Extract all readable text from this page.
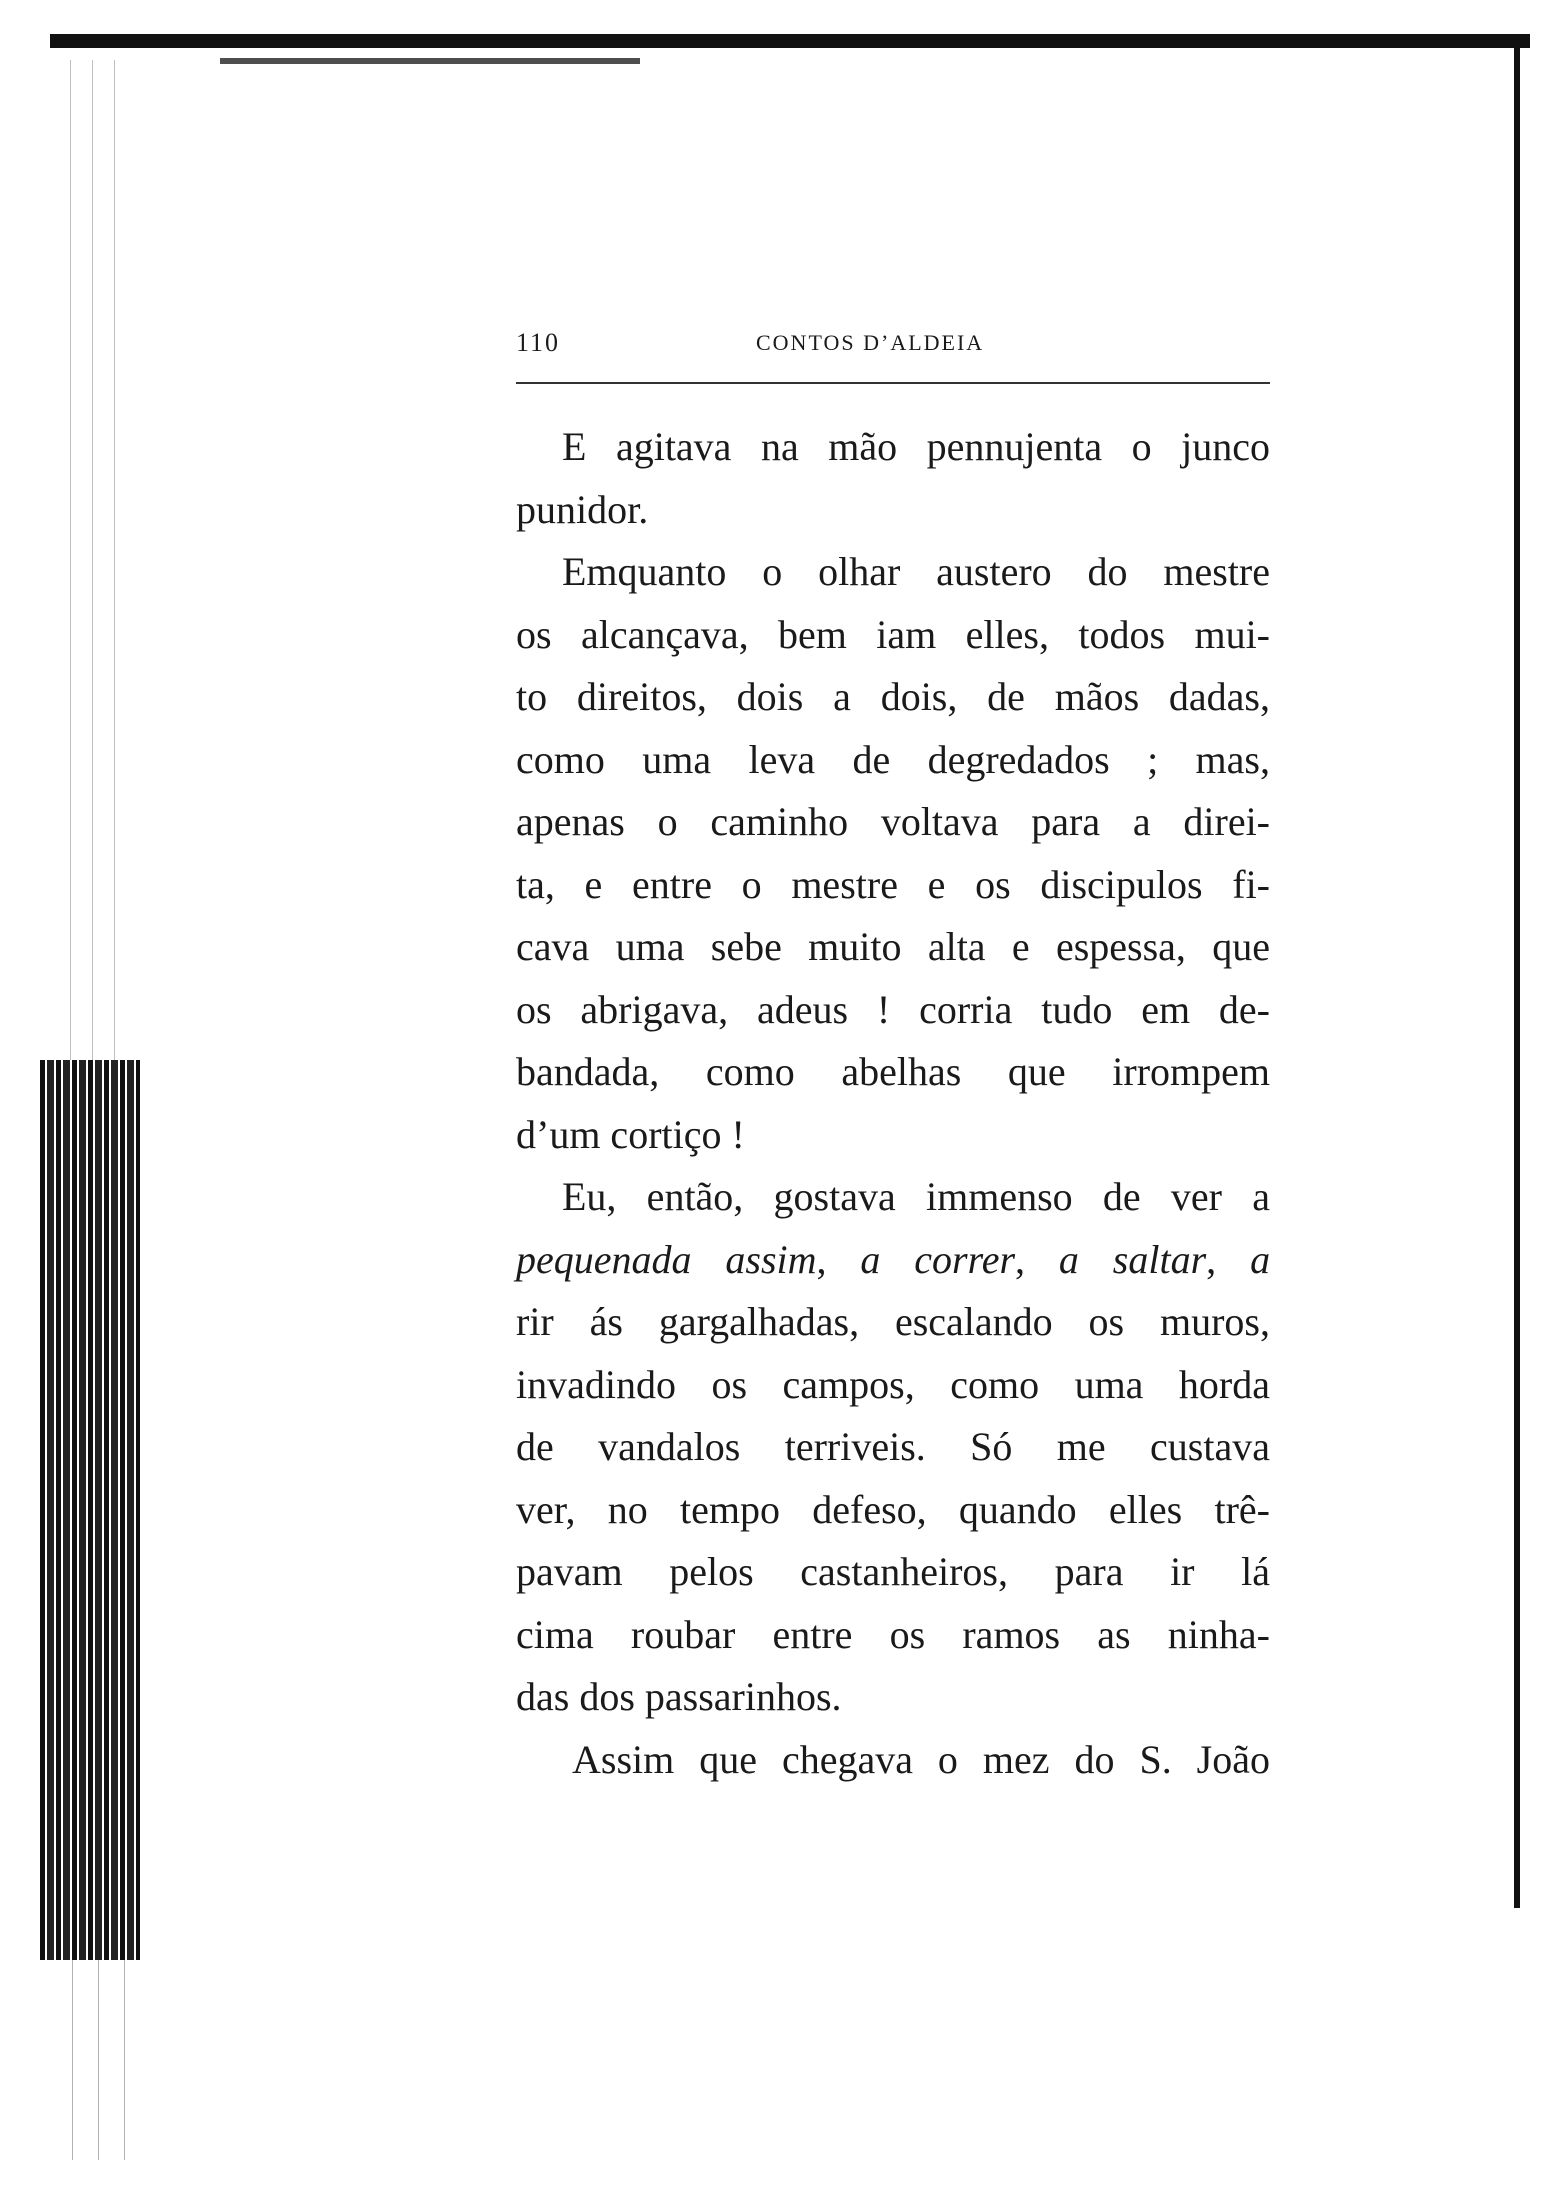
110	CONTOS D’ALDEIA
E agitava na mão pennujenta o junco
punidor.
Emquanto o olhar austero do mestre
os alcançava, bem iam elles, todos mui-
to direitos, dois a dois, de mãos dadas,
como uma leva de degredados ; mas,
apenas o caminho voltava para a direi-
ta, e entre o mestre e os discipulos fi-
cava uma sebe muito alta e espessa, que
os abrigava, adeus ! corria tudo em de-
bandada, como abelhas que irrompem
d’um cortiço !
Eu, então, gostava immenso de ver a
pequenada assim, a correr, a saltar, a
rir ás gargalhadas, escalando os muros,
invadindo os campos, como uma horda
de vandalos terriveis. Só me custava
ver, no tempo defeso, quando elles trê-
pavam pelos castanheiros, para ir lá
cima roubar entre os ramos as ninha-
das dos passarinhos.
Assim que chegava o mez do S. João
